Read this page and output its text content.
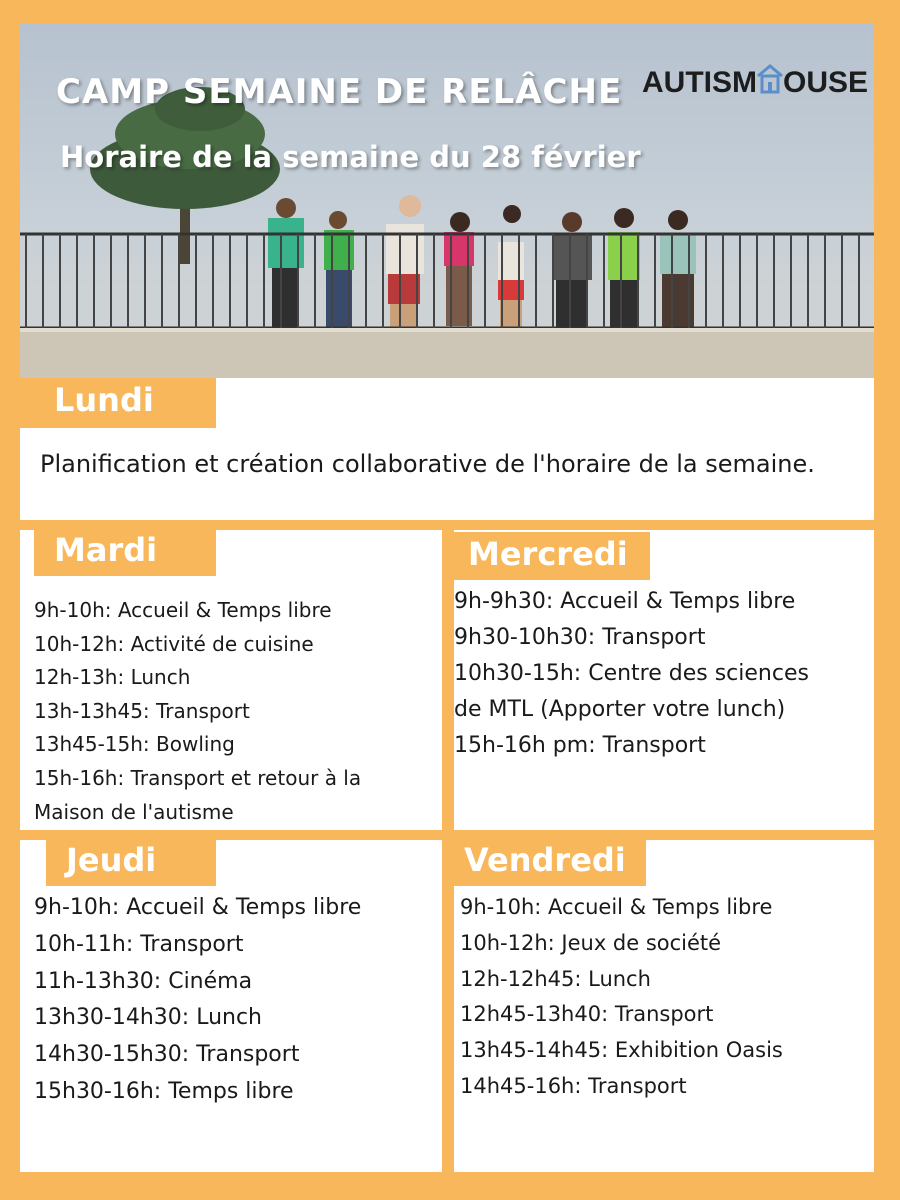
CAMP SEMAINE DE RELÂCHE
Horaire de la semaine du 28 février
AUTISM OUSE
Lundi
Planification et création collaborative de l'horaire de la semaine.
Mardi
9h-10h: Accueil & Temps libre
10h-12h: Activité de cuisine
12h-13h: Lunch
13h-13h45: Transport
13h45-15h: Bowling
15h-16h: Transport et retour à la
Maison de l'autisme
Mercredi
9h-9h30: Accueil & Temps libre
9h30-10h30: Transport
10h30-15h: Centre des sciences
de MTL (Apporter votre lunch)
15h-16h pm: Transport
Jeudi
9h-10h: Accueil & Temps libre
10h-11h: Transport
11h-13h30: Cinéma
13h30-14h30: Lunch
14h30-15h30: Transport
15h30-16h: Temps libre
Vendredi
9h-10h: Accueil & Temps libre
10h-12h: Jeux de société
12h-12h45: Lunch
12h45-13h40: Transport
13h45-14h45: Exhibition Oasis
14h45-16h: Transport
